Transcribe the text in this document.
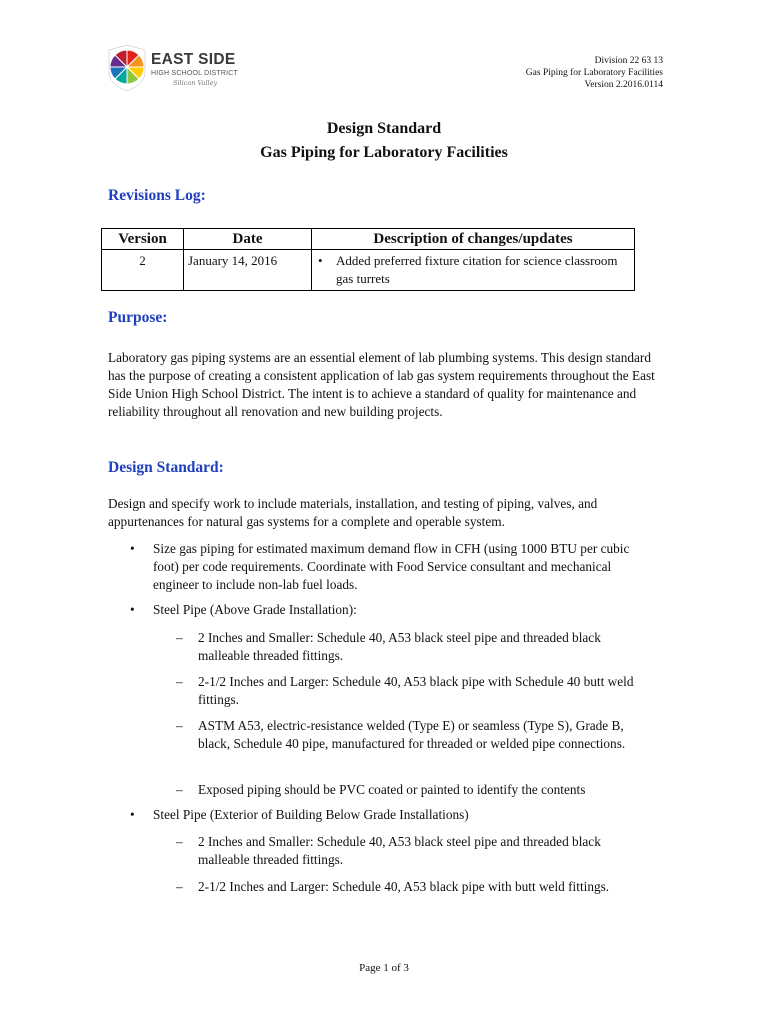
EAST SIDE
HIGH SCHOOL DISTRICT
Silicon Valley
Division 22 63 13
Gas Piping for Laboratory Facilities
Version 2.2016.0114
Design Standard
Gas Piping for Laboratory Facilities
Revisions Log:
Version	Date	Description of changes/updates
2	January 14, 2016	• Added preferred fixture citation for science classroom gas turrets
Purpose:
Laboratory gas piping systems are an essential element of lab plumbing systems. This design standard has the purpose of creating a consistent application of lab gas system requirements throughout the East Side Union High School District. The intent is to achieve a standard of quality for maintenance and reliability throughout all renovation and new building projects.
Design Standard:
Design and specify work to include materials, installation, and testing of piping, valves, and appurtenances for natural gas systems for a complete and operable system.
• Size gas piping for estimated maximum demand flow in CFH (using 1000 BTU per cubic foot) per code requirements. Coordinate with Food Service consultant and mechanical engineer to include non-lab fuel loads.
• Steel Pipe (Above Grade Installation):
– 2 Inches and Smaller: Schedule 40, A53 black steel pipe and threaded black malleable threaded fittings.
– 2-1/2 Inches and Larger: Schedule 40, A53 black pipe with Schedule 40 butt weld fittings.
– ASTM A53, electric-resistance welded (Type E) or seamless (Type S), Grade B, black, Schedule 40 pipe, manufactured for threaded or welded pipe connections.
– Exposed piping should be PVC coated or painted to identify the contents
• Steel Pipe (Exterior of Building Below Grade Installations)
– 2 Inches and Smaller: Schedule 40, A53 black steel pipe and threaded black malleable threaded fittings.
– 2-1/2 Inches and Larger: Schedule 40, A53 black pipe with butt weld fittings.
Page 1 of 3
